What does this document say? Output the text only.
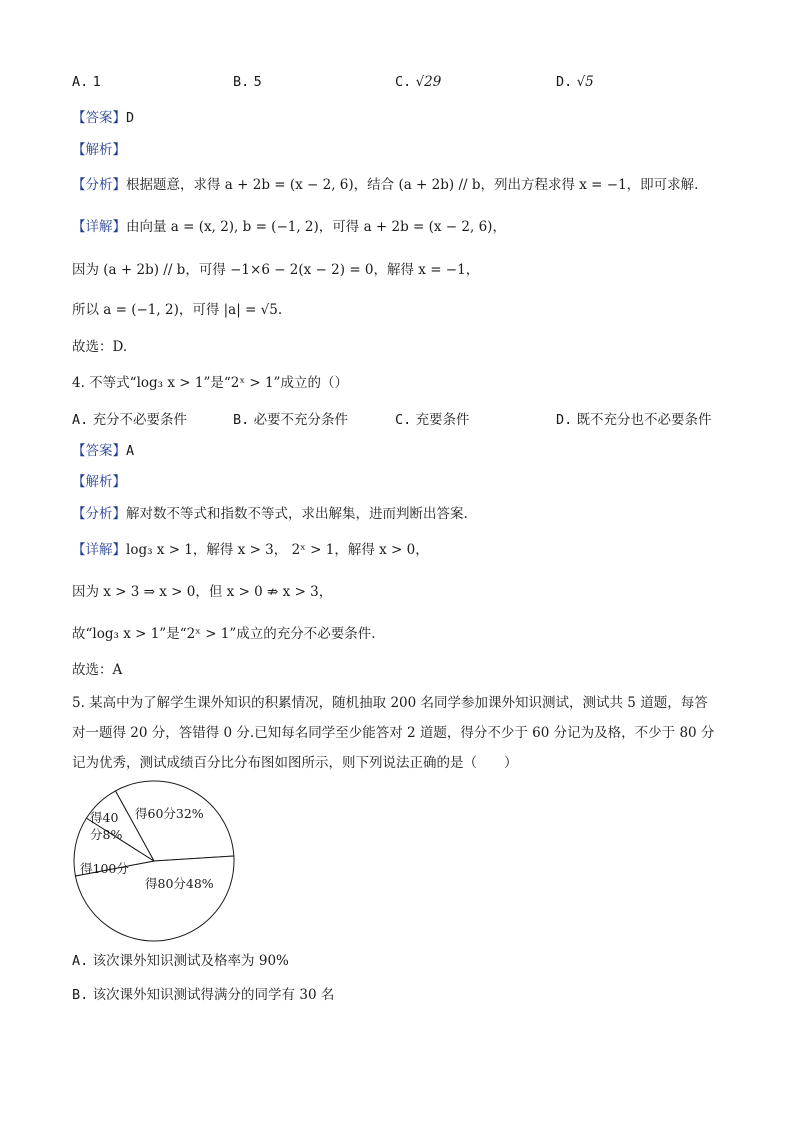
A. 1	B. 5	C. √29	D. √5
【答案】D
【解析】
【分析】根据题意，求得 a + 2b = (x − 2, 6)，结合 (a + 2b) // b，列出方程求得 x = −1，即可求解.
【详解】由向量 a = (x, 2), b = (−1, 2)，可得 a + 2b = (x − 2, 6)，
因为 (a + 2b) // b，可得 −1×6 − 2(x − 2) = 0，解得 x = −1，
所以 a = (−1, 2)，可得 |a| = √5.
故选：D.
4. 不等式“log₃ x > 1”是“2ˣ > 1”成立的（）
A. 充分不必要条件	B. 必要不充分条件	C. 充要条件	D. 既不充分也不必要条件
【答案】A
【解析】
【分析】解对数不等式和指数不等式，求出解集，进而判断出答案.
【详解】log₃ x > 1，解得 x > 3， 2ˣ > 1，解得 x > 0，
因为 x > 3 ⇒ x > 0，但 x > 0 ⇏ x > 3，
故“log₃ x > 1”是“2ˣ > 1”成立的充分不必要条件.
故选：A
5. 某高中为了解学生课外知识的积累情况，随机抽取 200 名同学参加课外知识测试，测试共 5 道题，每答
对一题得 20 分，答错得 0 分.已知每名同学至少能答对 2 道题，得分不少于 60 分记为及格，不少于 80 分
记为优秀，测试成绩百分比分布图如图所示，则下列说法正确的是（　　）
得60分32%
得80分48%
得100分
得40
分8%
A. 该次课外知识测试及格率为 90%
B. 该次课外知识测试得满分的同学有 30 名
